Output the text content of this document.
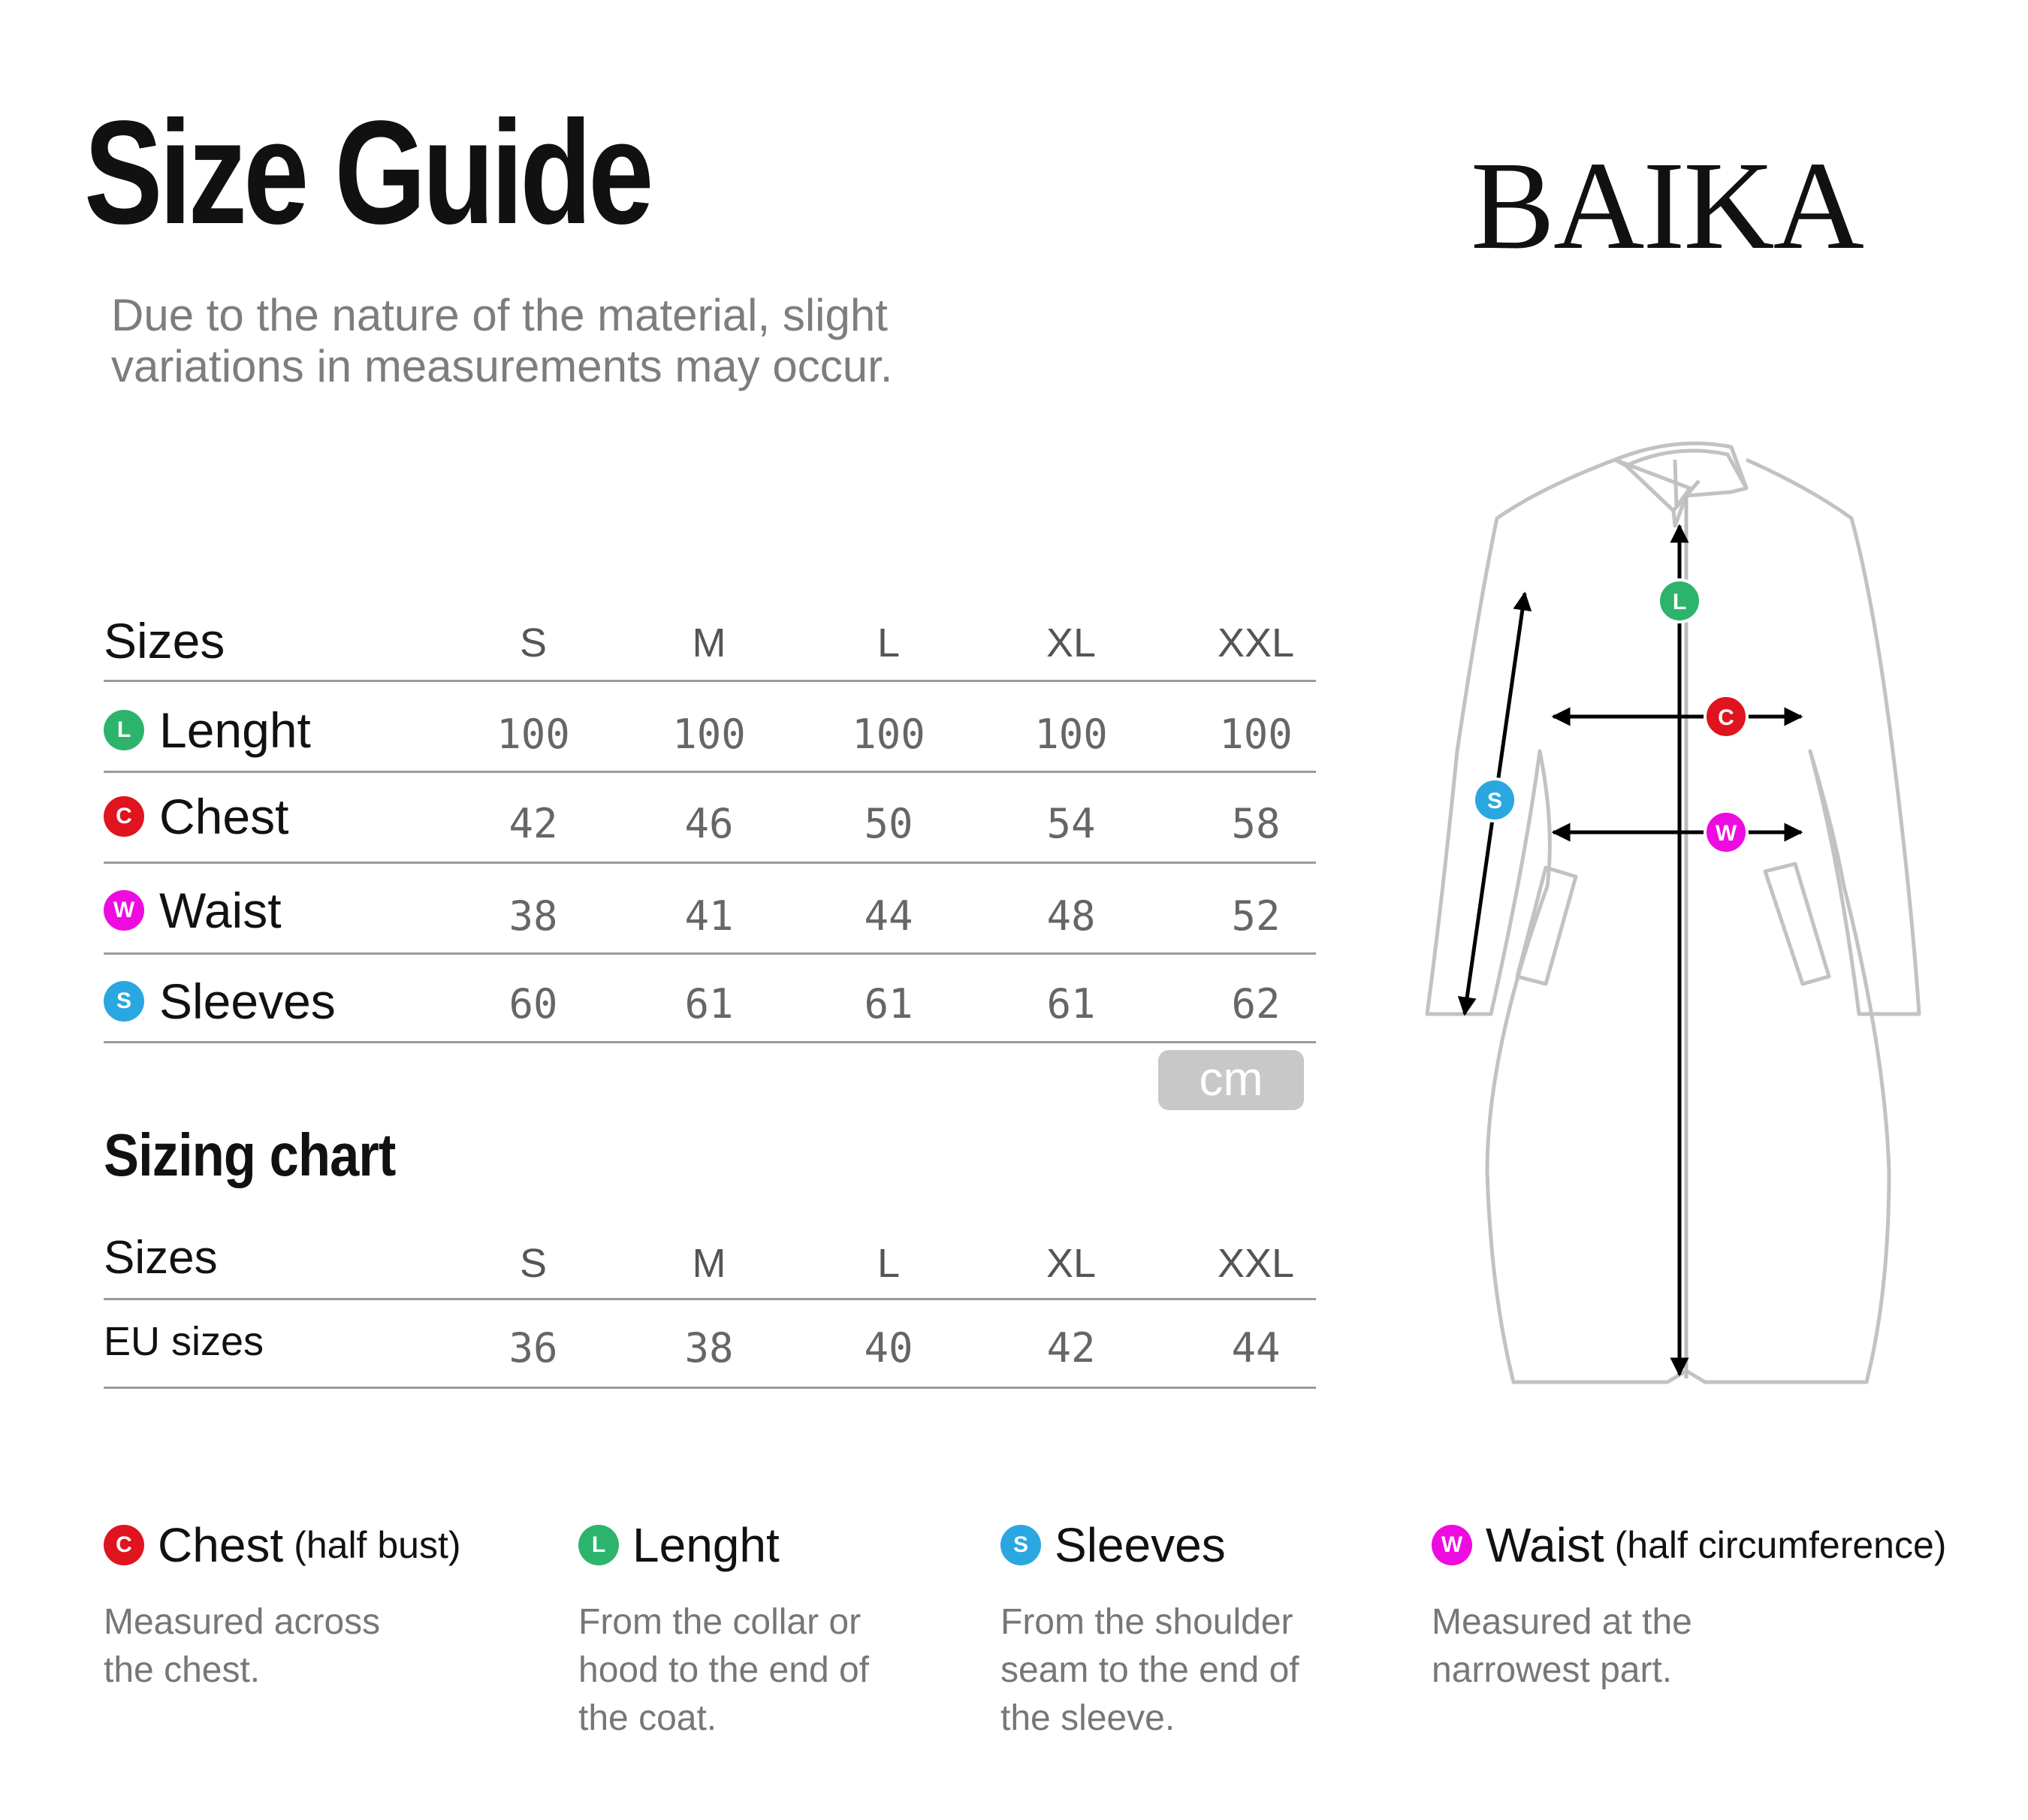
Size Guide	BAIKA
Due to the nature of the material, slight variations in measurements may occur.
Sizes	S	M	L	XL	XXL
L Lenght	100	100	100	100	100
C Chest	42	46	50	54	58
W Waist	38	41	44	48	52
S Sleeves	60	61	61	61	62
cm
Sizing chart
Sizes	S	M	L	XL	XXL
EU sizes	36	38	40	42	44
L
C
W
S
C Chest (half bust)
Measured across the chest.
L Lenght
From the collar or hood to the end of the coat.
S Sleeves
From the shoulder seam to the end of the sleeve.
W Waist (half circumference)
Measured at the narrowest part.
